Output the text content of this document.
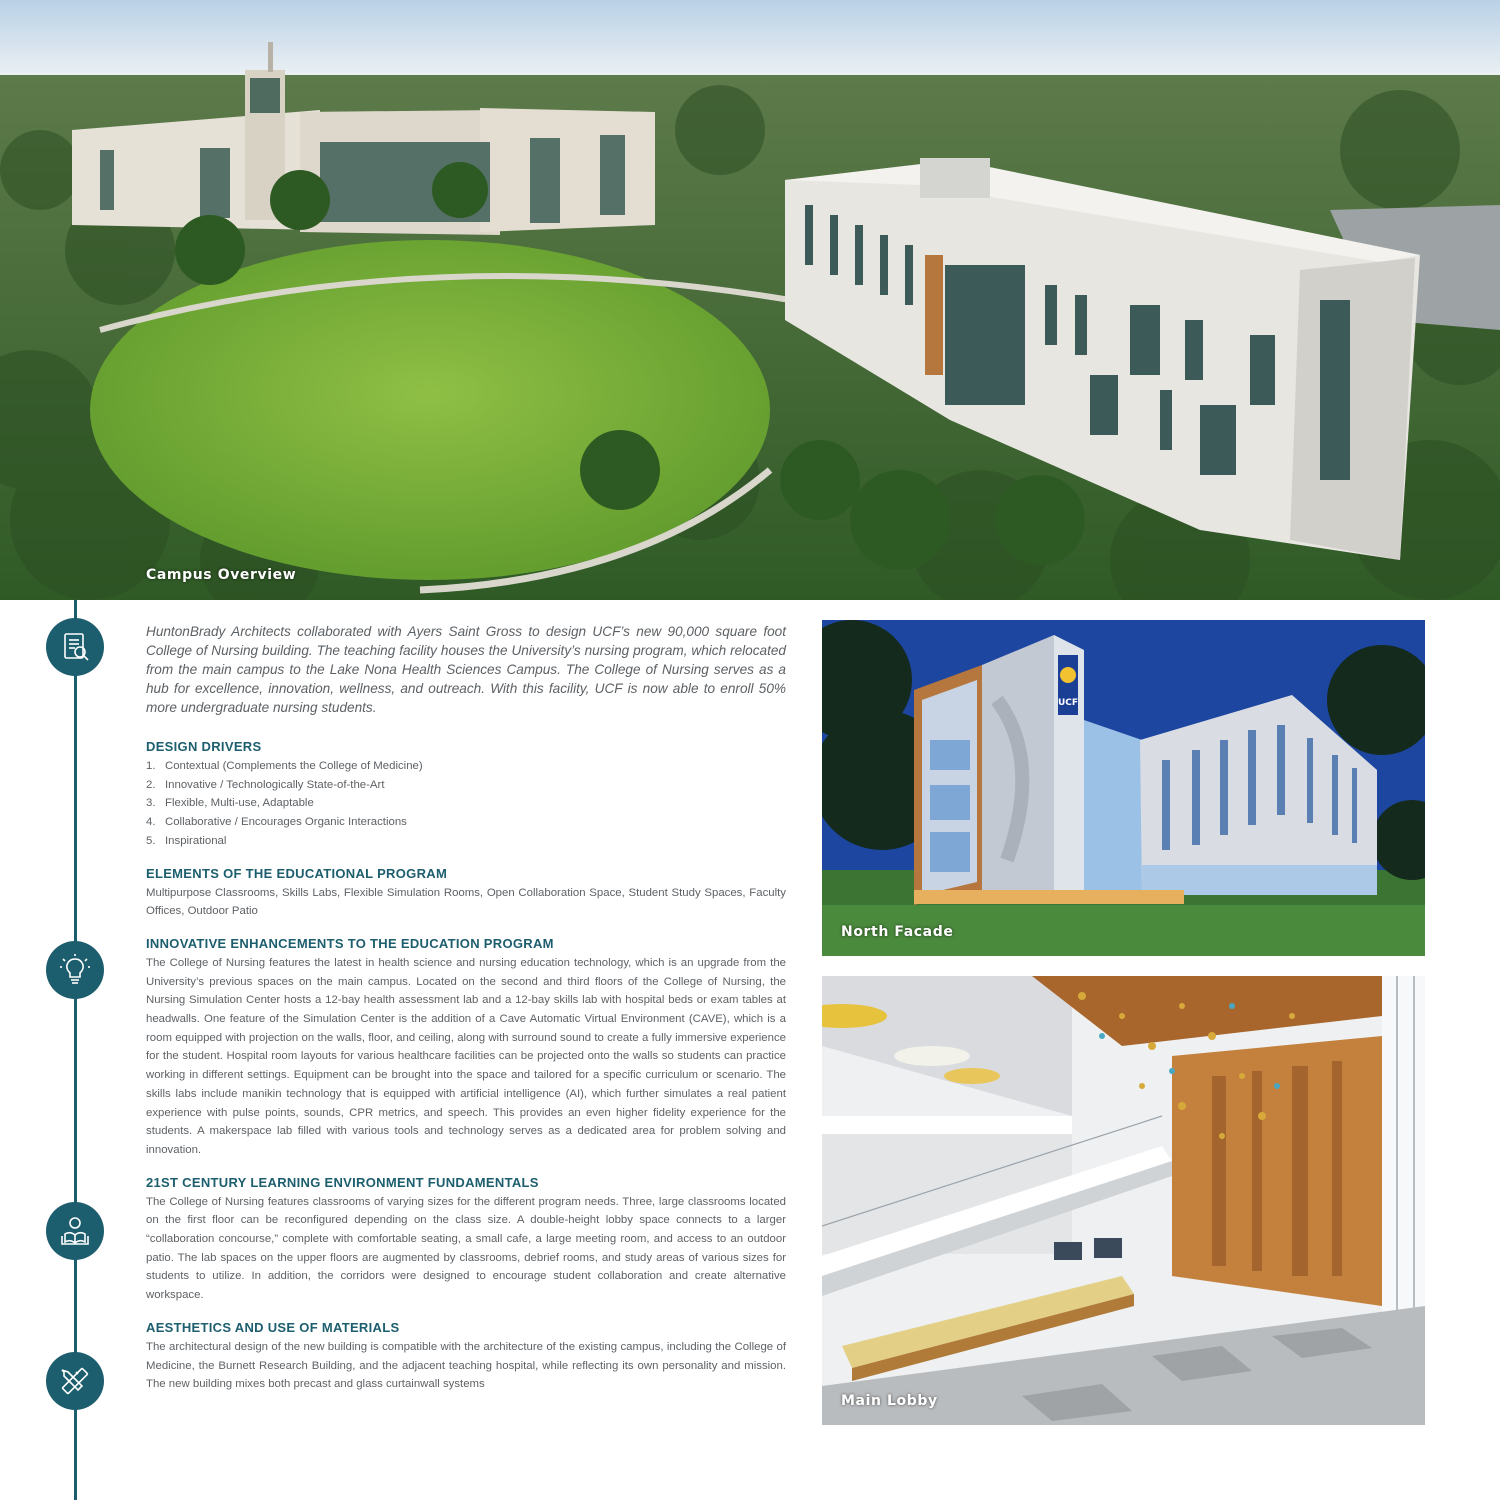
Campus Overview

HuntonBrady Architects collaborated with Ayers Saint Gross to design UCF’s new 90,000 square foot College of Nursing building. The teaching facility houses the University’s nursing program, which relocated from the main campus to the Lake Nona Health Sciences Campus. The College of Nursing serves as a hub for excellence, innovation, wellness, and outreach. With this facility, UCF is now able to enroll 50% more undergraduate nursing students.

DESIGN DRIVERS
1. Contextual (Complements the College of Medicine)
2. Innovative / Technologically State-of-the-Art
3. Flexible, Multi-use, Adaptable
4. Collaborative / Encourages Organic Interactions
5. Inspirational
ELEMENTS OF THE EDUCATIONAL PROGRAM

Multipurpose Classrooms, Skills Labs, Flexible Simulation Rooms, Open Collaboration Space, Student Study Spaces, Faculty Offices, Outdoor Patio

INNOVATIVE ENHANCEMENTS TO THE EDUCATION PROGRAM

The College of Nursing features the latest in health science and nursing education technology, which is an upgrade from the University’s previous spaces on the main campus. Located on the second and third floors of the College of Nursing, the Nursing Simulation Center hosts a 12-bay health assessment lab and a 12-bay skills lab with hospital beds or exam tables at headwalls. One feature of the Simulation Center is the addition of a Cave Automatic Virtual Environment (CAVE), which is a room equipped with projection on the walls, floor, and ceiling, along with surround sound to create a fully immersive experience for the student. Hospital room layouts for various healthcare facilities can be projected onto the walls so students can practice working in different settings. Equipment can be brought into the space and tailored for a specific curriculum or scenario. The skills labs include manikin technology that is equipped with artificial intelligence (AI), which further simulates a real patient experience with pulse points, sounds, CPR metrics, and speech. This provides an even higher fidelity experience for the students. A makerspace lab filled with various tools and technology serves as a dedicated area for problem solving and innovation.

21ST CENTURY LEARNING ENVIRONMENT FUNDAMENTALS

The College of Nursing features classrooms of varying sizes for the different program needs. Three, large classrooms located on the first floor can be reconfigured depending on the class size. A double-height lobby space connects to a larger “collaboration concourse,” complete with comfortable seating, a small cafe, a large meeting room, and access to an outdoor patio. The lab spaces on the upper floors are augmented by classrooms, debrief rooms, and study areas of various sizes for students to utilize. In addition, the corridors were designed to encourage student collaboration and create alternative workspace.

AESTHETICS AND USE OF MATERIALS

The architectural design of the new building is compatible with the architecture of the existing campus, including the College of Medicine, the Burnett Research Building, and the adjacent teaching hospital, while reflecting its own personality and mission. The new building mixes both precast and glass curtainwall systems

UCF
North Facade
Main Lobby
